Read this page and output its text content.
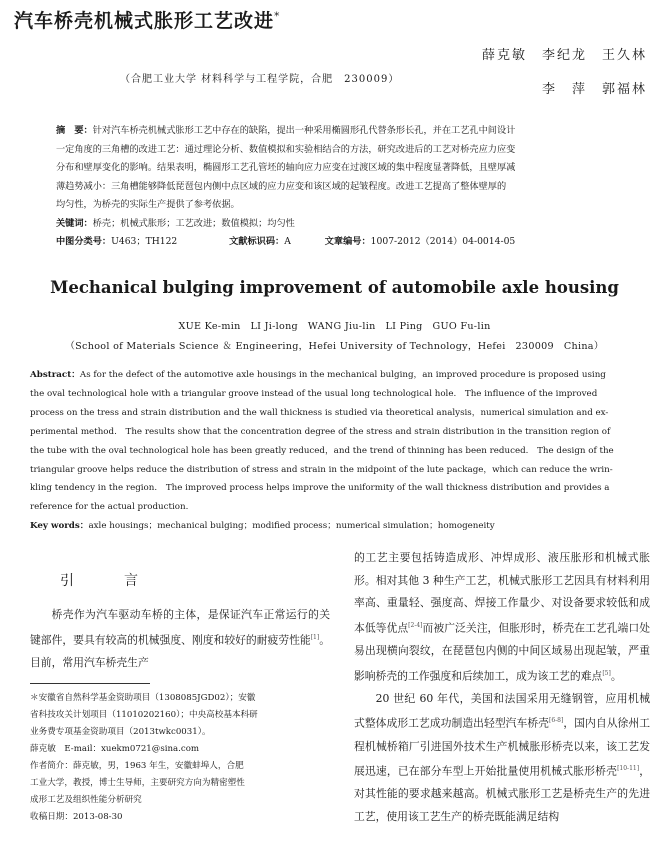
汽车桥壳机械式胀形工艺改进*
薛克敏　李纪龙　王久林
李　萍　郭福林
（合肥工业大学 材料科学与工程学院，合肥　230009）
摘　要：针对汽车桥壳机械式胀形工艺中存在的缺陷，提出一种采用椭圆形孔代替条形长孔，并在工艺孔中间设计
一定角度的三角槽的改进工艺：通过理论分析、数值模拟和实验相结合的方法，研究改进后的工艺对桥壳应力应变
分布和壁厚变化的影响。结果表明，椭圆形工艺孔管坯的轴向应力应变在过渡区域的集中程度显著降低，且壁厚减
薄趋势减小：三角槽能够降低琵琶包内侧中点区域的应力应变和该区域的起皱程度。改进工艺提高了整体壁厚的
均匀性，为桥壳的实际生产提供了参考依据。
关键词：桥壳；机械式胀形；工艺改进；数值模拟；均匀性
中图分类号：U463；TH122	文献标识码：A	文章编号：1007-2012（2014）04-0014-05
Mechanical bulging improvement of automobile axle housing
XUE Ke-min　LI Ji-long　WANG Jiu-lin　LI Ping　GUO Fu-lin
（School of Materials Science ＆ Engineering，Hefei University of Technology，Hefei　230009　China）
Abstract：As for the defect of the automotive axle housings in the mechanical bulging，an improved procedure is proposed using
the oval technological hole with a triangular groove instead of the usual long technological hole.　The influence of the improved
process on the tress and strain distribution and the wall thickness is studied via theoretical analysis，numerical simulation and ex-
perimental method.　The results show that the concentration degree of the stress and strain distribution in the transition region of
the tube with the oval technological hole has been greatly reduced，and the trend of thinning has been reduced.　The design of the
triangular groove helps reduce the distribution of stress and strain in the midpoint of the lute package，which can reduce the wrin-
kling tendency in the region.　The improved process helps improve the uniformity of the wall thickness distribution and provides a
reference for the actual production.
Key words：axle housings；mechanical bulging；modified process；numerical simulation；homogeneity
引　言
桥壳作为汽车驱动车桥的主体，是保证汽车正常运行的关键部件，要具有较高的机械强度、刚度和较好的耐疲劳性能[1]。目前，常用汽车桥壳生产
＊安徽省自然科学基金资助项目（1308085JGD02）；安徽
省科技攻关计划项目（11010202160）；中央高校基本科研
业务费专项基金资助项目（2013twkc0031）。
薛克敏　E-mail：xuekm0721@sina.com
作者简介：薛克敏，男，1963 年生，安徽蚌埠人，合肥
工业大学，教授，博士生导师，主要研究方向为精密塑性
成形工艺及组织性能分析研究
收稿日期：2013-08-30
的工艺主要包括铸造成形、冲焊成形、液压胀形和机械式胀形。相对其他 3 种生产工艺，机械式胀形工艺因具有材料利用率高、重量轻、强度高、焊接工作量少、对设备要求较低和成本低等优点[2-4]而被广泛关注，但胀形时，桥壳在工艺孔端口处易出现横向裂纹，在琵琶包内侧的中间区域易出现起皱，严重影响桥壳的工作强度和后续加工，成为该工艺的难点[5]。
20 世纪 60 年代，美国和法国采用无缝钢管，应用机械式整体成形工艺成功制造出轻型汽车桥壳[6-8]，国内自从徐州工程机械桥箱厂引进国外技术生产机械胀形桥壳以来，该工艺发展迅速，已在部分车型上开始批量使用机械式胀形桥壳[10-11]，对其性能的要求越来越高。机械式胀形工艺是桥壳生产的先进工艺，使用该工艺生产的桥壳既能满足结构
